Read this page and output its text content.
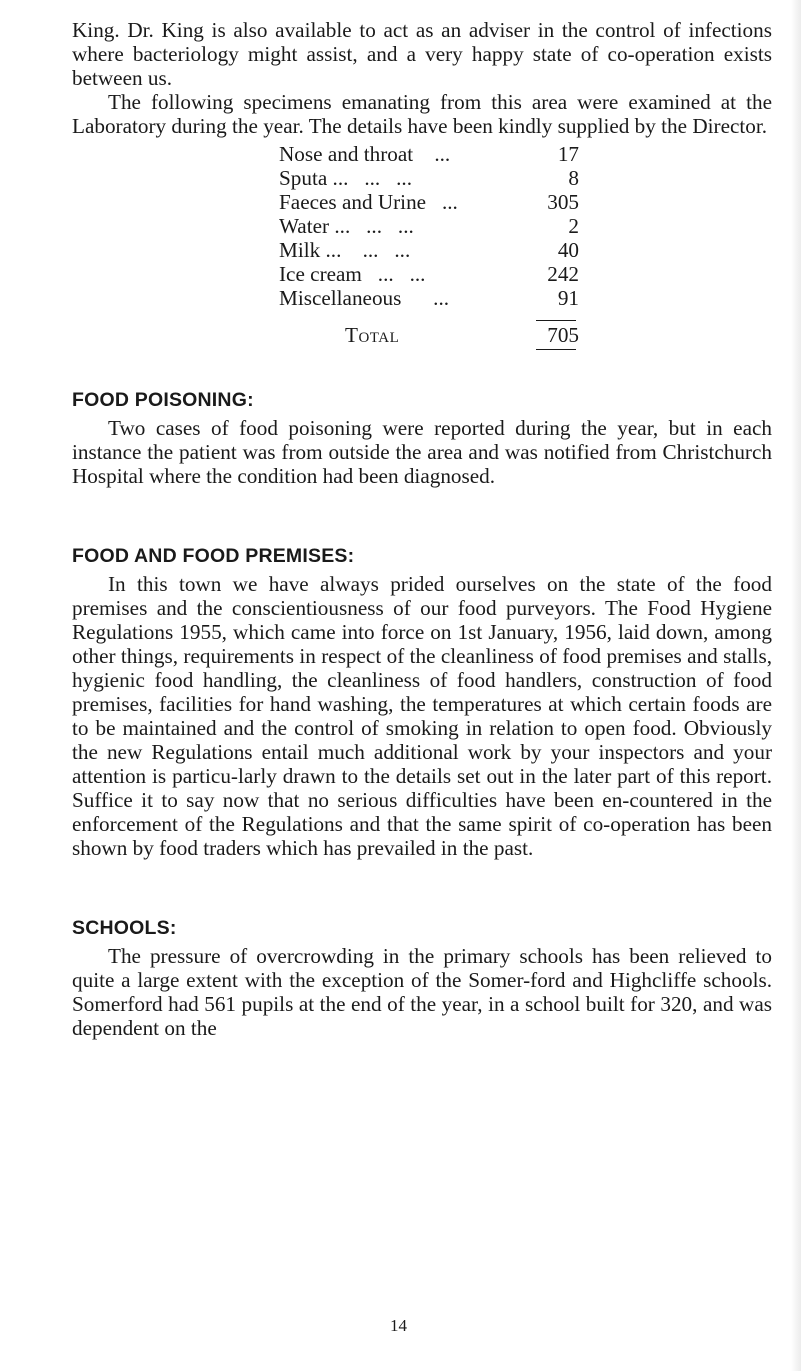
King. Dr. King is also available to act as an adviser in the control of infections where bacteriology might assist, and a very happy state of co-operation exists between us.

The following specimens emanating from this area were examined at the Laboratory during the year. The details have been kindly supplied by the Director.

Nose and throat    ...	17
Sputa ...   ...   ...	8
Faeces and Urine   ...	305
Water ...   ...   ...	2
Milk ...    ...   ...	40
Ice cream   ...   ...	242
Miscellaneous      ...	91
Total	705

FOOD POISONING:

Two cases of food poisoning were reported during the year, but in each instance the patient was from outside the area and was notified from Christchurch Hospital where the condition had been diagnosed.

FOOD AND FOOD PREMISES:

In this town we have always prided ourselves on the state of the food premises and the conscientiousness of our food purveyors. The Food Hygiene Regulations 1955, which came into force on 1st January, 1956, laid down, among other things, requirements in respect of the cleanliness of food premises and stalls, hygienic food handling, the cleanliness of food handlers, construction of food premises, facilities for hand washing, the temperatures at which certain foods are to be maintained and the control of smoking in relation to open food. Obviously the new Regulations entail much additional work by your inspectors and your attention is particu-larly drawn to the details set out in the later part of this report. Suffice it to say now that no serious difficulties have been en-countered in the enforcement of the Regulations and that the same spirit of co-operation has been shown by food traders which has prevailed in the past.

SCHOOLS:

The pressure of overcrowding in the primary schools has been relieved to quite a large extent with the exception of the Somer-ford and Highcliffe schools. Somerford had 561 pupils at the end of the year, in a school built for 320, and was dependent on the

14
